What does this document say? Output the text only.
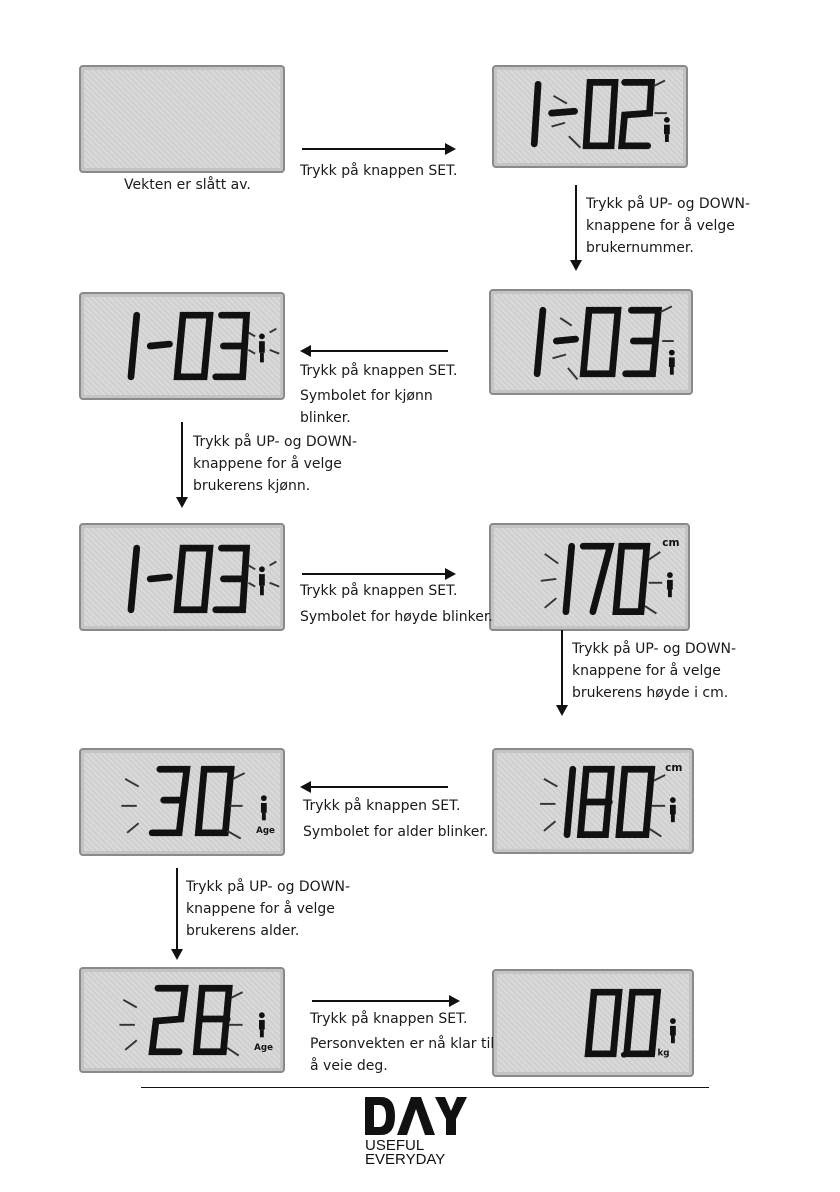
cm
Age
cm
Age
kg
Vekten er slått av.
Trykk på knappen SET.
Trykk på UP- og DOWN-
knappene for å velge
brukernummer.
Trykk på knappen SET.
Symbolet for kjønn
blinker.
Trykk på UP- og DOWN-
knappene for å velge
brukerens kjønn.
Trykk på knappen SET.
Symbolet for høyde blinker.
Trykk på UP- og DOWN-
knappene for å velge
brukerens høyde i cm.
Trykk på knappen SET.
Symbolet for alder blinker.
Trykk på UP- og DOWN-
knappene for å velge
brukerens alder.
Trykk på knappen SET.
Personvekten er nå klar til
å veie deg.
USEFUL
EVERYDAY
